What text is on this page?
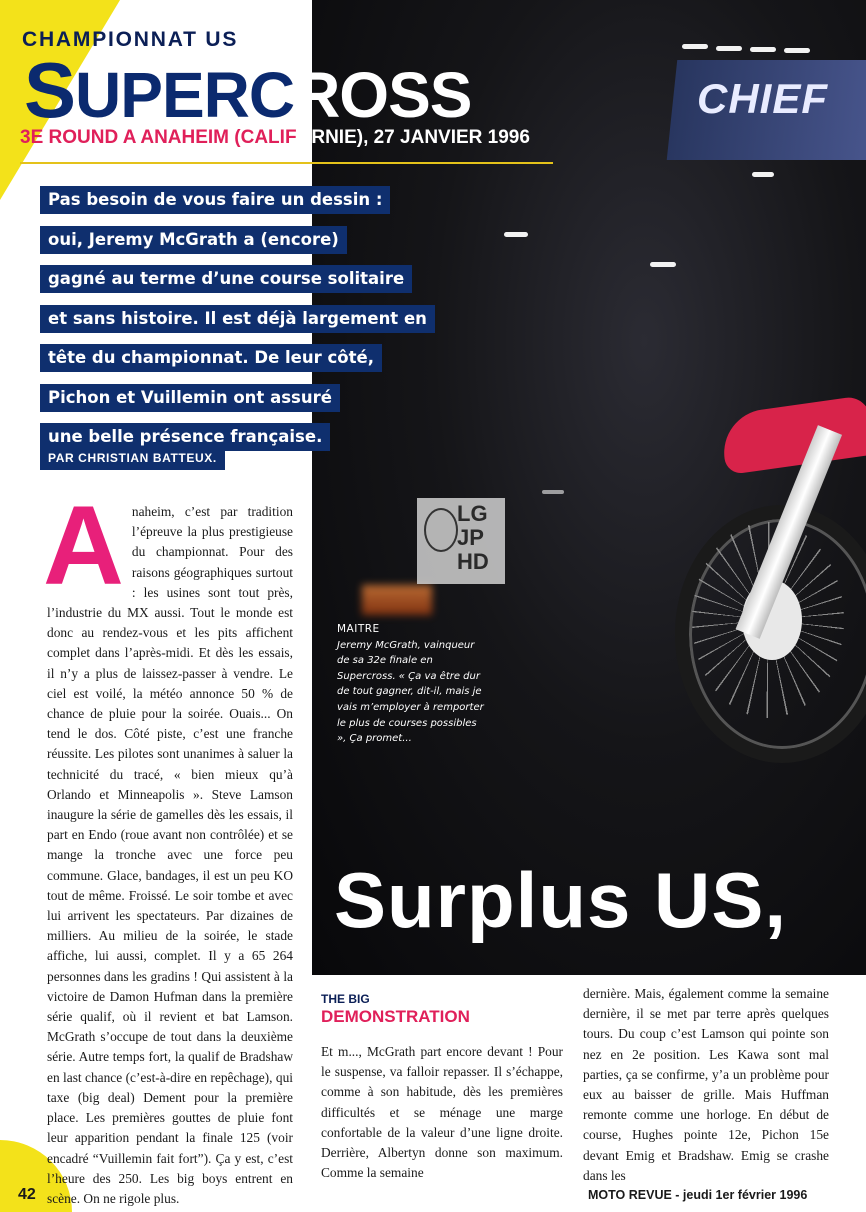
CHIEF
LG JP HD
Surplus US,
MAITRE
Jeremy McGrath, vainqueur de sa 32e finale en Supercross. « Ça va être dur de tout gagner, dit-il, mais je vais m’employer à remporter le plus de courses possibles », Ça promet...
CHAMPIONNAT US
SUPERCROSS
3E ROUND A ANAHEIM (CALIFORNIE), 27 JANVIER 1996
Pas besoin de vous faire un dessin :
oui, Jeremy McGrath a (encore)
gagné au terme d’une course solitaire
et sans histoire. Il est déjà largement en
tête du championnat. De leur côté,
Pichon et Vuillemin ont assuré
une belle présence française.
PAR CHRISTIAN BATTEUX.
A naheim, c’est par tradition l’épreuve la plus prestigieuse du championnat. Pour des raisons géographiques surtout : les usines sont tout près, l’industrie du MX aussi. Tout le monde est donc au rendez-vous et les pits affichent complet dans l’après-midi. Et dès les essais, il n’y a plus de laissez-passer à vendre. Le ciel est voilé, la météo annonce 50 % de chance de pluie pour la soirée. Ouais... On tend le dos. Côté piste, c’est une franche réussite. Les pilotes sont unanimes à saluer la technicité du tracé, « bien mieux qu’à Orlando et Minneapolis ». Steve Lamson inaugure la série de gamelles dès les essais, il part en Endo (roue avant non contrôlée) et se mange la tronche avec une force peu commune. Glace, bandages, il est un peu KO tout de même. Froissé. Le soir tombe et avec lui arrivent les spectateurs. Par dizaines de milliers. Au milieu de la soirée, le stade affiche, lui aussi, complet. Il y a 65 264 personnes dans les gradins ! Qui assistent à la victoire de Damon Hufman dans la première série qualif, où il revient et bat Lamson. McGrath s’occupe de tout dans la deuxième série. Autre temps fort, la qualif de Bradshaw en last chance (c’est-à-dire en repêchage), qui taxe (big deal) Dement pour la première place. Les premières gouttes de pluie font leur apparition pendant la finale 125 (voir encadré “Vuillemin fait fort”). Ça y est, c’est l’heure des 250. Les big boys entrent en scène. On ne rigole plus.

THE BIG
DEMONSTRATION

Et m..., McGrath part encore devant ! Pour le suspense, va falloir repasser. Il s’échappe, comme à son habitude, dès les premières difficultés et se ménage une marge confortable de la valeur d’une ligne droite. Derrière, Albertyn donne son maximum. Comme la semaine

dernière. Mais, également comme la semaine dernière, il se met par terre après quelques tours. Du coup c’est Lamson qui pointe son nez en 2e position. Les Kawa sont mal parties, ça se confirme, y’a un problème pour eux au baisser de grille. Mais Huffman remonte comme une horloge. En début de course, Hughes pointe 12e, Pichon 15e devant Emig et Bradshaw. Emig se crashe dans les

42	MOTO REVUE - jeudi 1er février 1996
